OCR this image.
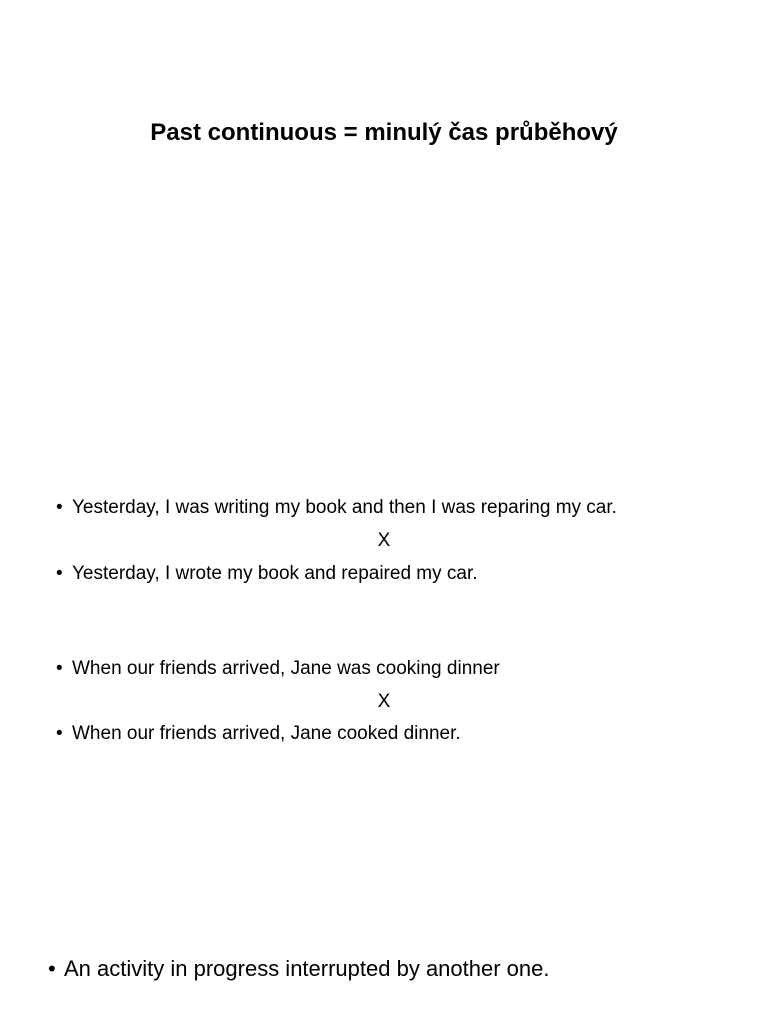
Past continuous = minulý čas průběhový
• Yesterday, I was writing my book and then I was reparing my car.
X
• Yesterday, I wrote my book and repaired my car.
• When our friends arrived, Jane was cooking dinner
X
• When our friends arrived, Jane cooked dinner.
• An activity in progress interrupted by another one.
